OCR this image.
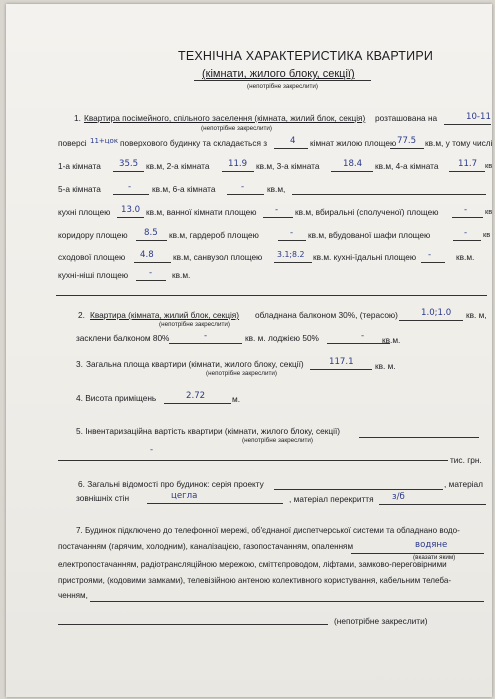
ТЕХНІЧНА ХАРАКТЕРИСТИКА КВАРТИРИ
(кімнати, жилого блоку, секції)
(непотрібне закреслити)
1. Квартира посімейного, спільного заселення (кімната, жилий блок, секція) розташована на	10-11
(непотрібне закреслити)
поверсі 11+цок поверхового будинку та складається з	4 кімнат жилою площею 77.5 кв.м, у тому числі
1-а кімната 35.5 кв.м, 2-а кімната 11.9 кв.м, 3-а кімната	18.4 кв.м, 4-а кімната 11.7 кв
5-а кімната	-	кв.м, 6-а кімната	-	кв.м,
кухні площею 13.0 кв.м, ванної кімнати площею - кв.м, вбиральні (сполученої) площею	- кв
коридору площею 8.5 кв.м, гардероб площею	- кв.м, вбудованої шафи площею	- кв
сходової площею 4.8 кв.м, санвузол площею 3.1;8.2 кв.м. кухні-їдальні площею -	кв.м.
кухні-ніші площею - кв.м.
2. Квартира (кімната, жилий блок, секція) обладнана балконом 30%, (терасою)	1.0;1.0 кв. м,
(непотрібне закреслити)
засклени балконом 80%	-	кв. м. лоджією 50%	- кв.м.
3. Загальна площа квартири (кімнати, жилого блоку, секції)	117.1	кв. м.
(непотрібне закреслити)
4. Висота приміщень	2.72	м.
5. Інвентаризаційна вартість квартири (кімнати, жилого блоку, секції)
(непотрібне закреслити)
-
тис. грн.
6. Загальні відомості про будинок: серія проекту	, матеріал
зовнішніх стін	цегла	, матеріал перекриття з/б
7. Будинок підключено до телефонної мережі, об'єднаної диспетчерської системи та обладнано водо-
постачанням (гарячим, холодним), каналізацією, газопостачанням, опаленням	водяне
(вказати яким)
електропостачанням, радіотрансляційною мережою, сміттєпроводом, ліфтами, замково-переговірними
пристроями, (кодовими замками), телевізійною антеною колективного користування, кабельним телеба-
ченням,
(непотрібне закреслити)
